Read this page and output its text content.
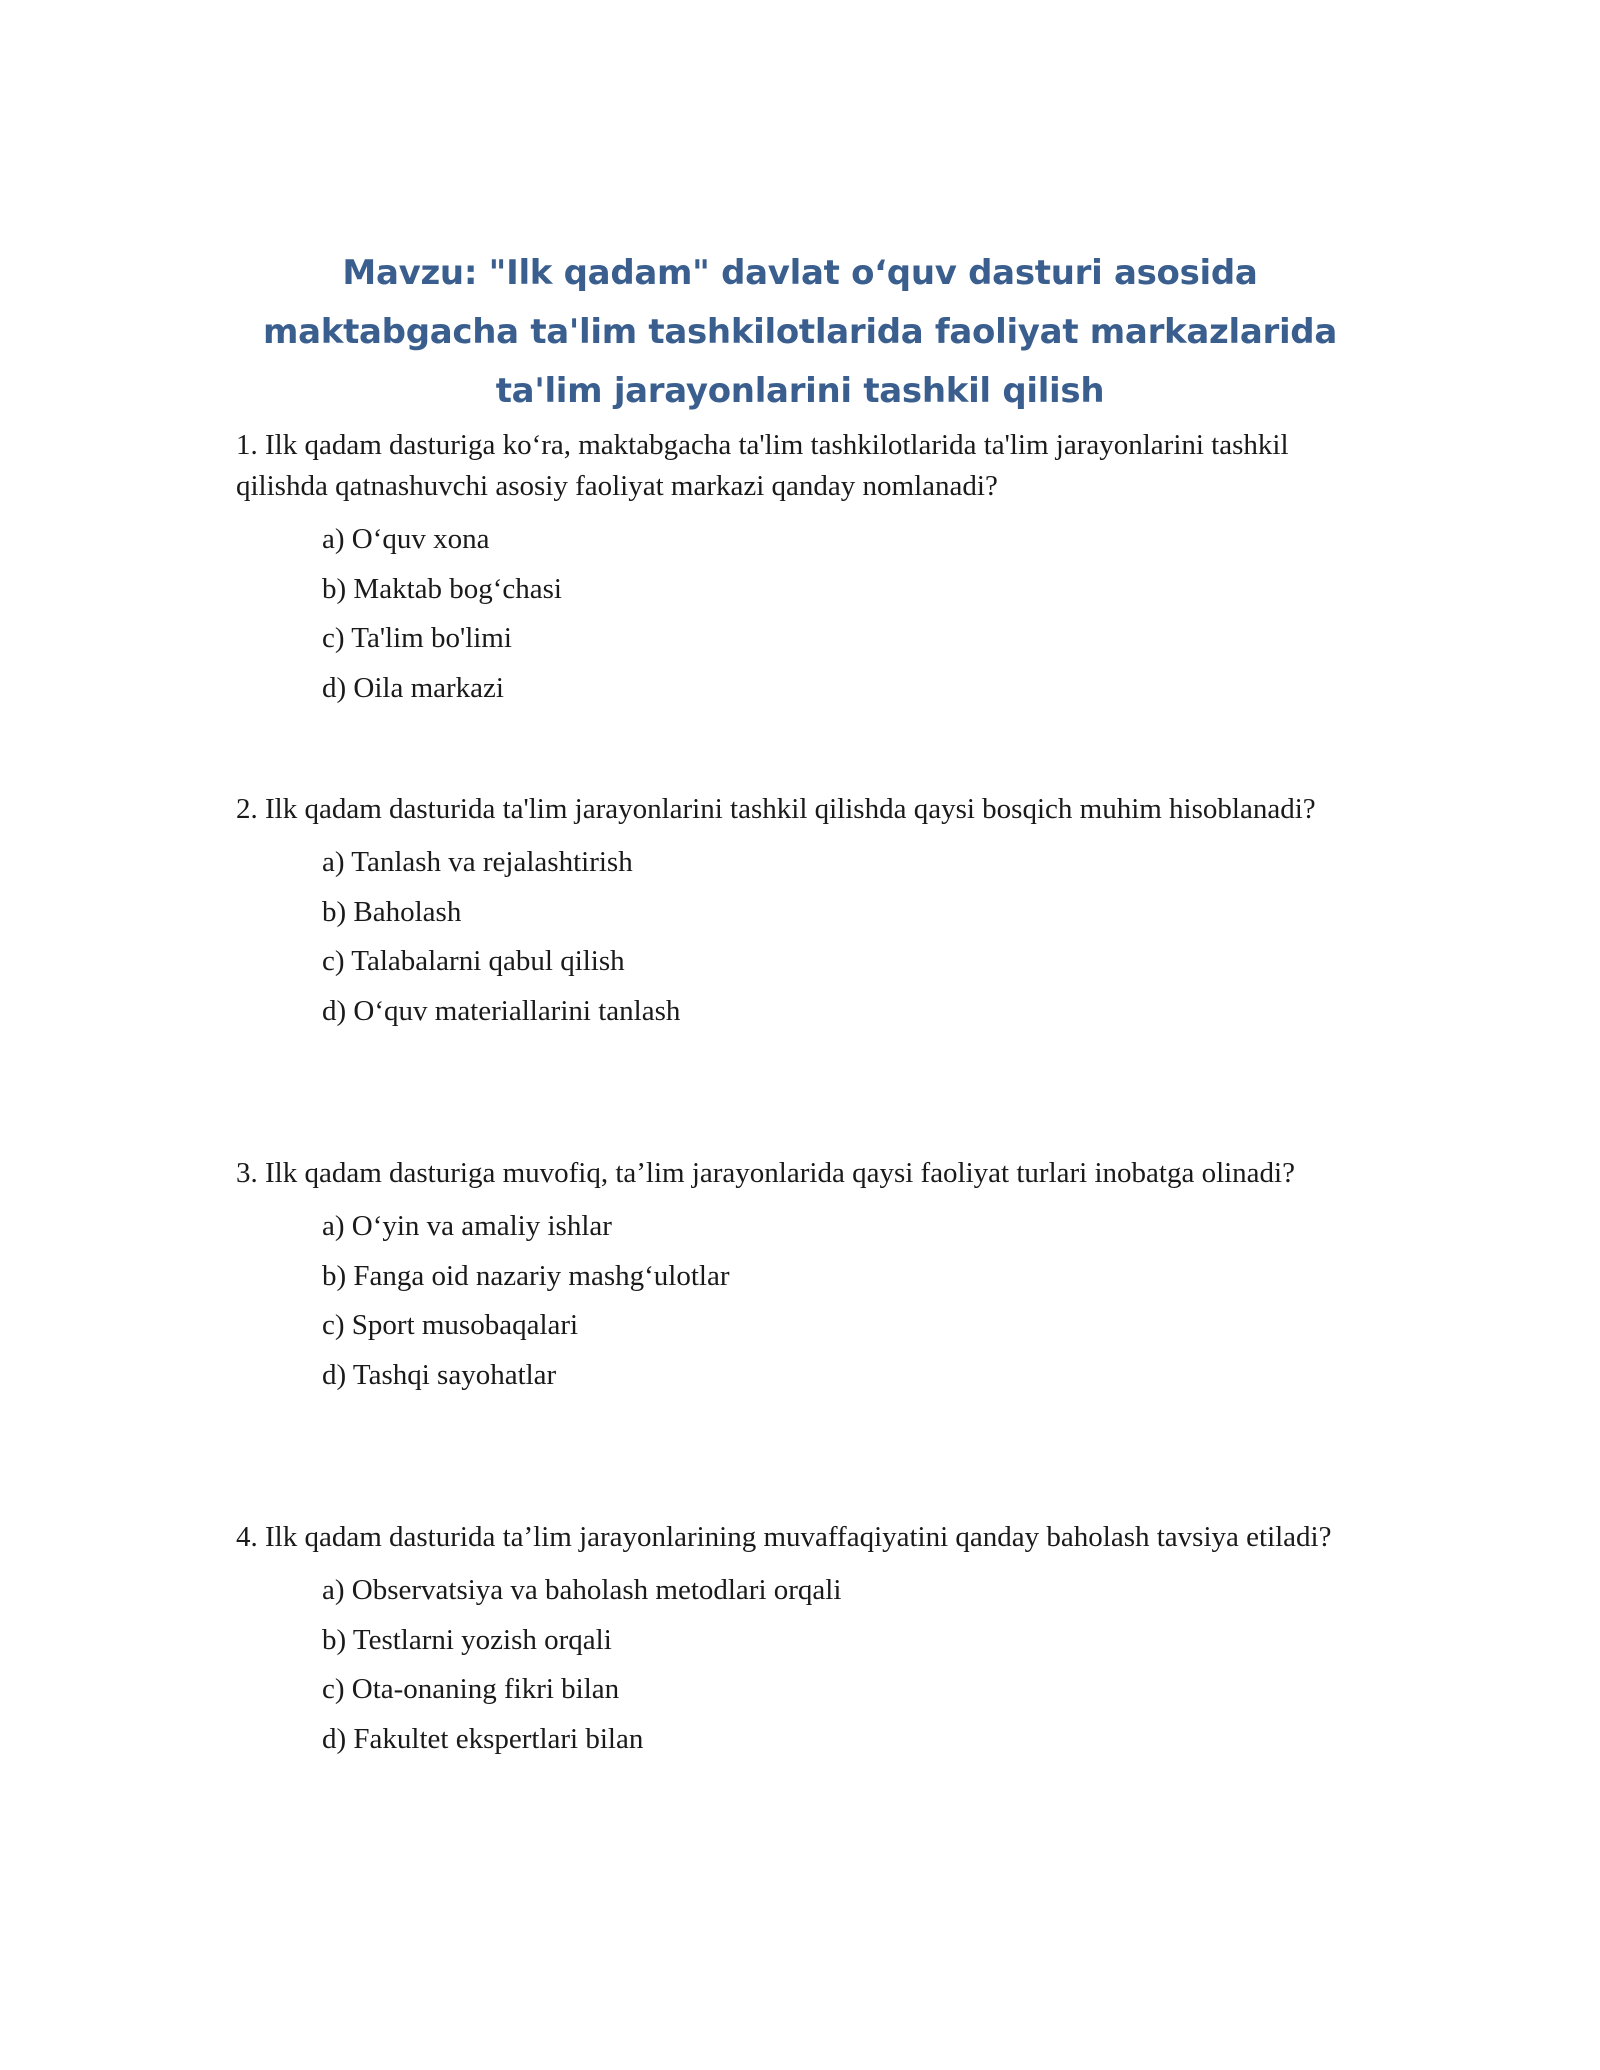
Mavzu: "Ilk qadam" davlat o‘quv dasturi asosida maktabgacha ta'lim tashkilotlarida faoliyat markazlarida ta'lim jarayonlarini tashkil qilish

1. Ilk qadam dasturiga ko‘ra, maktabgacha ta'lim tashkilotlarida ta'lim jarayonlarini tashkil qilishda qatnashuvchi asosiy faoliyat markazi qanday nomlanadi?

a) O‘quv xona
b) Maktab bog‘chasi
c) Ta'lim bo'limi
d) Oila markazi

2. Ilk qadam dasturida ta'lim jarayonlarini tashkil qilishda qaysi bosqich muhim hisoblanadi?

a) Tanlash va rejalashtirish
b) Baholash
c) Talabalarni qabul qilish
d) O‘quv materiallarini tanlash

3. Ilk qadam dasturiga muvofiq, ta’lim jarayonlarida qaysi faoliyat turlari inobatga olinadi?

a) O‘yin va amaliy ishlar
b) Fanga oid nazariy mashg‘ulotlar
c) Sport musobaqalari
d) Tashqi sayohatlar

4. Ilk qadam dasturida ta’lim jarayonlarining muvaffaqiyatini qanday baholash tavsiya etiladi?

a) Observatsiya va baholash metodlari orqali
b) Testlarni yozish orqali
c) Ota-onaning fikri bilan
d) Fakultet ekspertlari bilan
